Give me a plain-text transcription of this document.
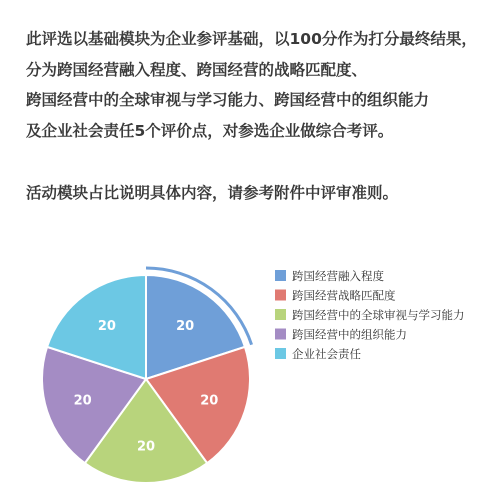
此评选以基础模块为企业参评基础，以100分作为打分最终结果，
分为跨国经营融入程度、跨国经营的战略匹配度、
跨国经营中的全球审视与学习能力、跨国经营中的组织能力
及企业社会责任5个评价点，对参选企业做综合考评。
活动模块占比说明具体内容，请参考附件中评审准则。
20
20
20
20
20
跨国经营融入程度
跨国经营战略匹配度
跨国经营中的全球审视与学习能力
跨国经营中的组织能力
企业社会责任
